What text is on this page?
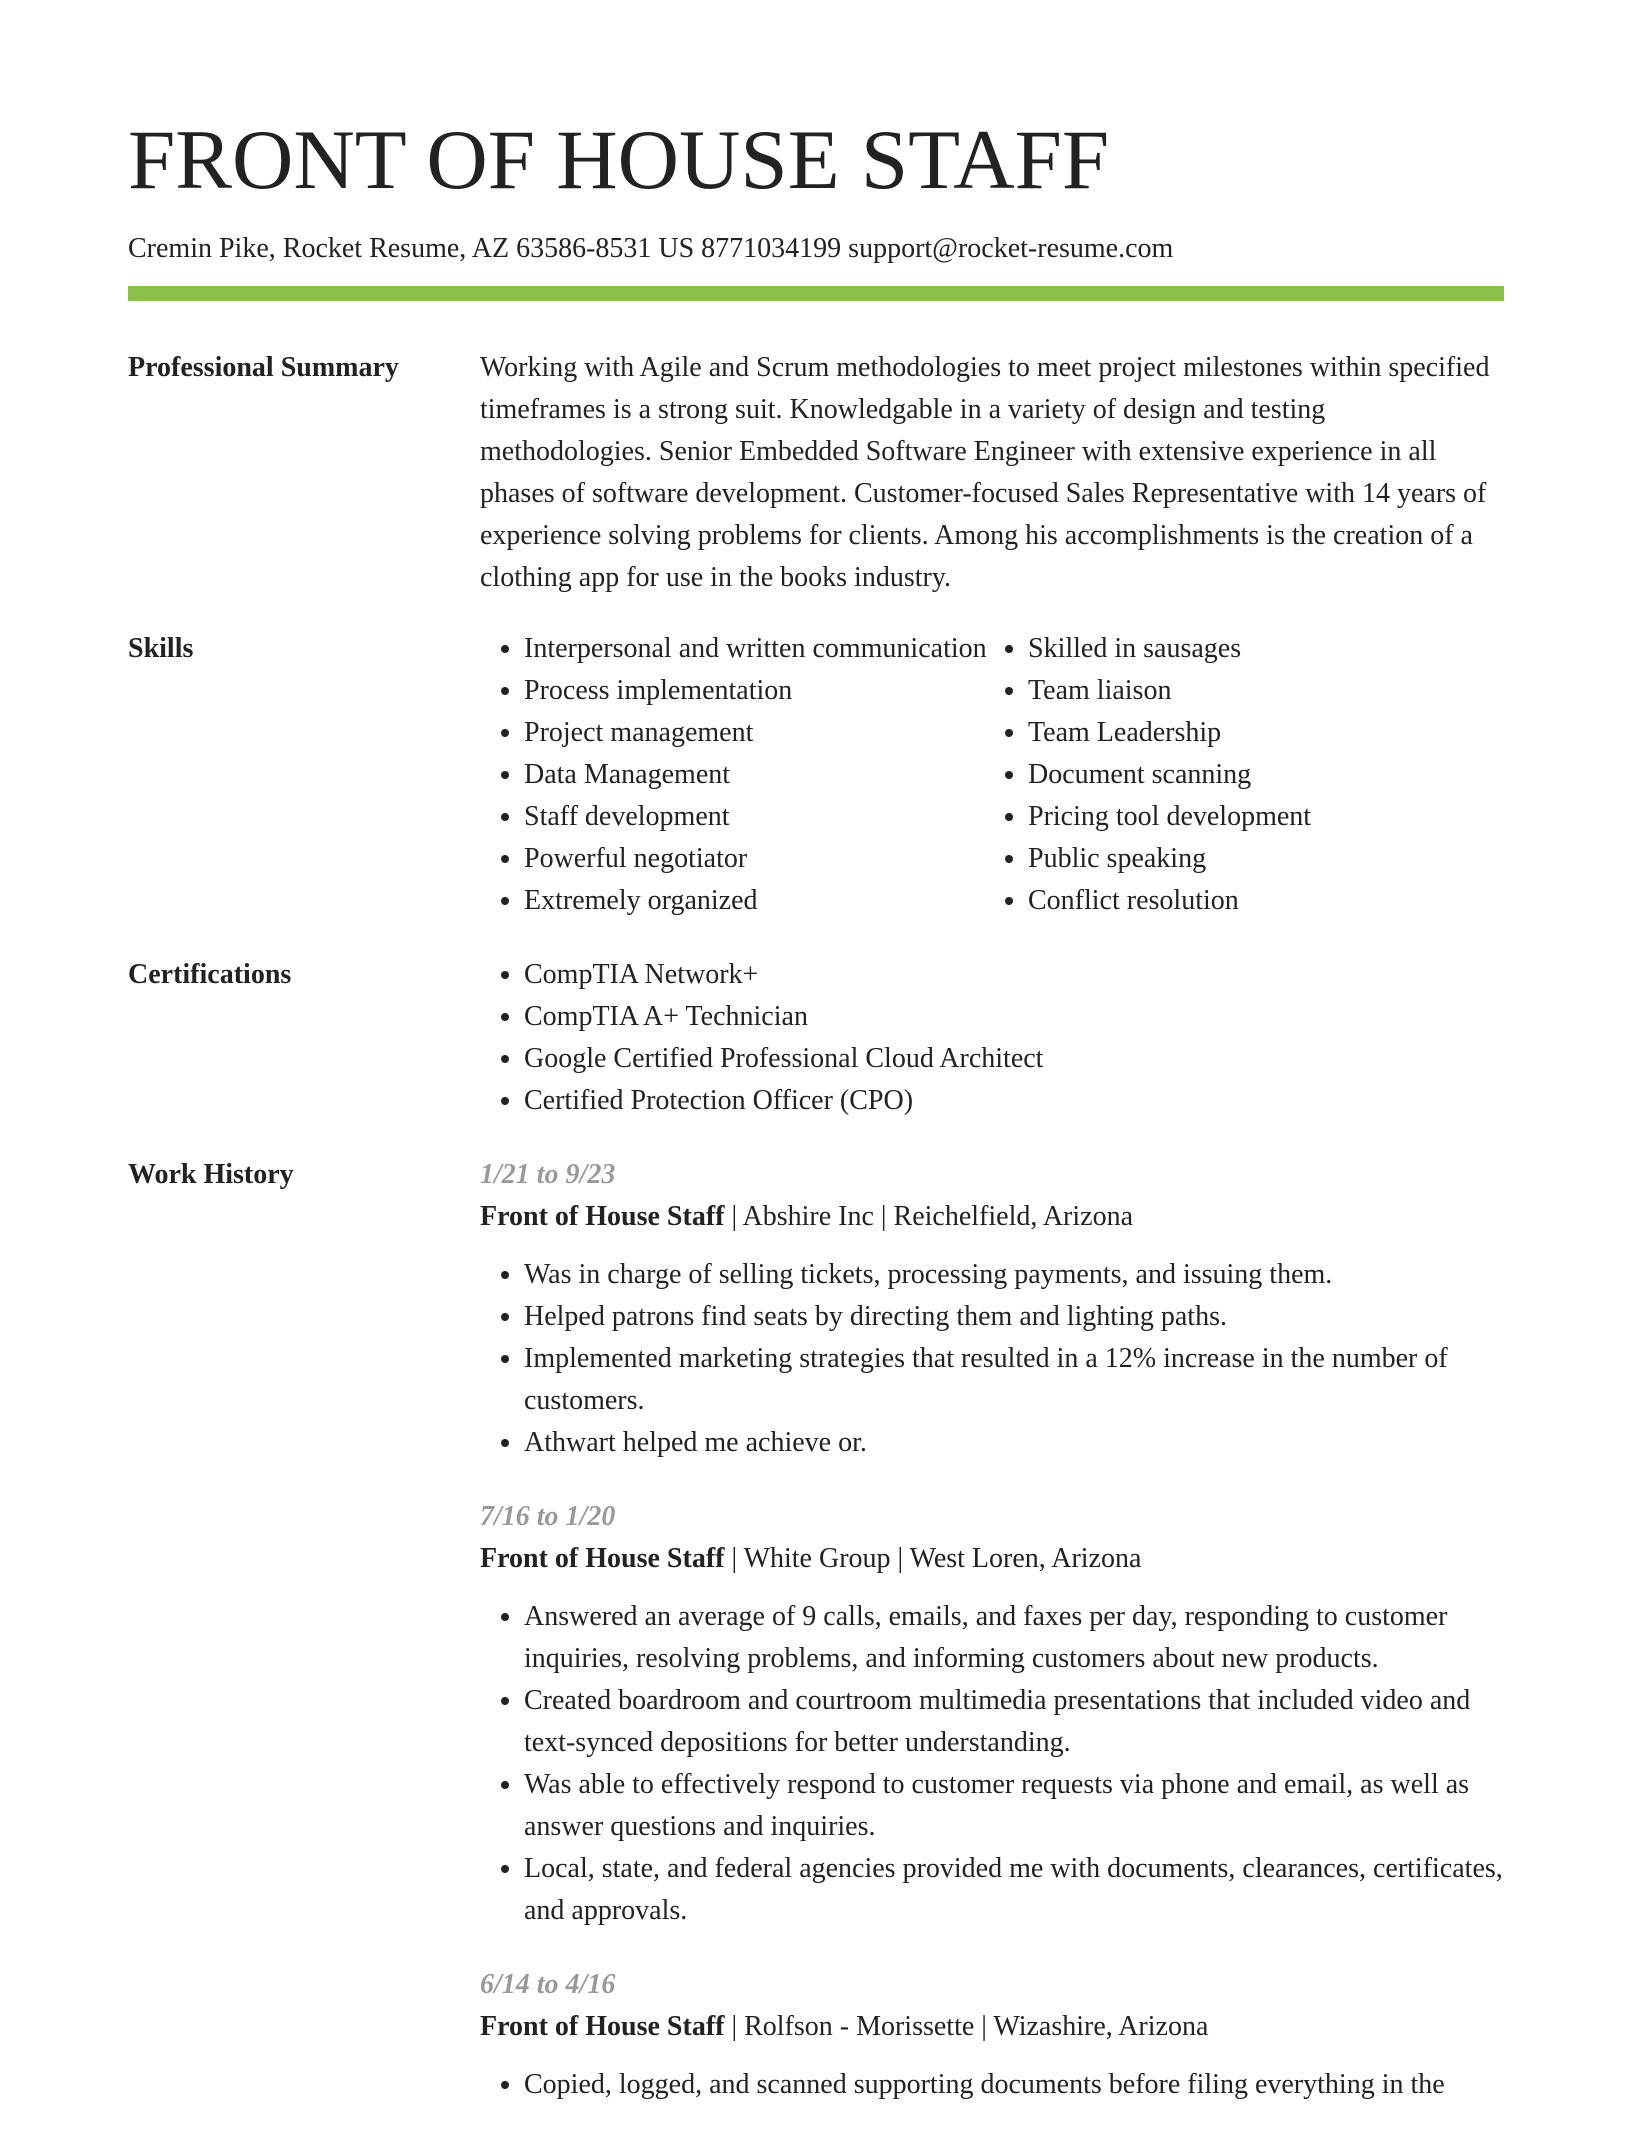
FRONT OF HOUSE STAFF
Cremin Pike, Rocket Resume, AZ 63586-8531 US 8771034199 support@rocket-resume.com
Professional Summary	Working with Agile and Scrum methodologies to meet project milestones within specified timeframes is a strong suit. Knowledgable in a variety of design and testing methodologies. Senior Embedded Software Engineer with extensive experience in all phases of software development. Customer-focused Sales Representative with 14 years of experience solving problems for clients. Among his accomplishments is the creation of a clothing app for use in the books industry.

Skills	• Interpersonal and written communication
• Process implementation
• Project management
• Data Management
• Staff development
• Powerful negotiator
• Extremely organized
• Skilled in sausages
• Team liaison
• Team Leadership
• Document scanning
• Pricing tool development
• Public speaking
• Conflict resolution
Certifications	• CompTIA Network+
• CompTIA A+ Technician
• Google Certified Professional Cloud Architect
• Certified Protection Officer (CPO)
Work History	1/21 to 9/23
Front of House Staff | Abshire Inc | Reichelfield, Arizona
• Was in charge of selling tickets, processing payments, and issuing them.
• Helped patrons find seats by directing them and lighting paths.
• Implemented marketing strategies that resulted in a 12% increase in the number of customers.
• Athwart helped me achieve or.
7/16 to 1/20
Front of House Staff | White Group | West Loren, Arizona
• Answered an average of 9 calls, emails, and faxes per day, responding to customer inquiries, resolving problems, and informing customers about new products.
• Created boardroom and courtroom multimedia presentations that included video and text-synced depositions for better understanding.
• Was able to effectively respond to customer requests via phone and email, as well as answer questions and inquiries.
• Local, state, and federal agencies provided me with documents, clearances, certificates, and approvals.
6/14 to 4/16
Front of House Staff | Rolfson - Morissette | Wizashire, Arizona
• Copied, logged, and scanned supporting documents before filing everything in the
